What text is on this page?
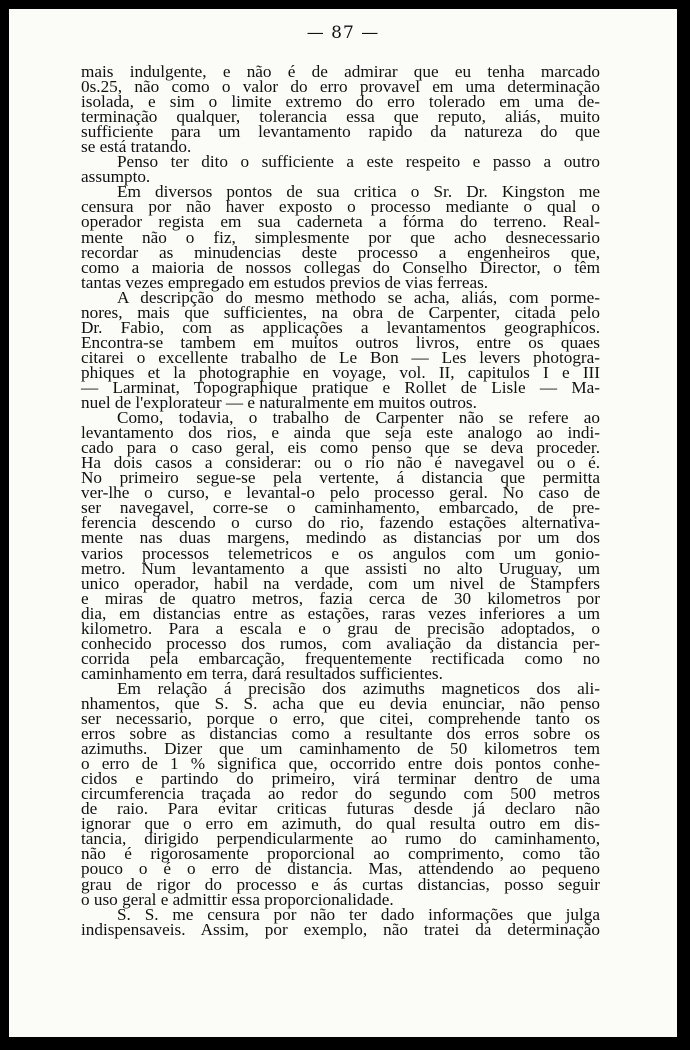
— 87 —
mais indulgente, e não é de admirar que eu tenha marcado
0s.25, não como o valor do erro provavel em uma determinação
isolada, e sim o limite extremo do erro tolerado em uma de-
terminação qualquer, tolerancia essa que reputo, aliás, muito
sufficiente para um levantamento rapido da natureza do que
se está tratando.
Penso ter dito o sufficiente a este respeito e passo a outro
assumpto.
Em diversos pontos de sua critica o Sr. Dr. Kingston me
censura por não haver exposto o processo mediante o qual o
operador regista em sua caderneta a fórma do terreno. Real-
mente não o fiz, simplesmente por que acho desnecessario
recordar as minudencias deste processo a engenheiros que,
como a maioria de nossos collegas do Conselho Director, o têm
tantas vezes empregado em estudos previos de vias ferreas.
A descripção do mesmo methodo se acha, aliás, com porme-
nores, mais que sufficientes, na obra de Carpenter, citada pelo
Dr. Fabio, com as applicações a levantamentos geographicos.
Encontra-se tambem em muitos outros livros, entre os quaes
citarei o excellente trabalho de Le Bon — Les levers photogra-
phiques et la photographie en voyage, vol. II, capitulos I e III
— Larminat, Topographique pratique e Rollet de Lisle — Ma-
nuel de l'explorateur — e naturalmente em muitos outros.
Como, todavia, o trabalho de Carpenter não se refere ao
levantamento dos rios, e ainda que seja este analogo ao indi-
cado para o caso geral, eis como penso que se deva proceder.
Ha dois casos a considerar: ou o rio não é navegavel ou o é.
No primeiro segue-se pela vertente, á distancia que permitta
ver-lhe o curso, e levantal-o pelo processo geral. No caso de
ser navegavel, corre-se o caminhamento, embarcado, de pre-
ferencia descendo o curso do rio, fazendo estações alternativa-
mente nas duas margens, medindo as distancias por um dos
varios processos telemetricos e os angulos com um gonio-
metro. Num levantamento a que assisti no alto Uruguay, um
unico operador, habil na verdade, com um nivel de Stampfers
e miras de quatro metros, fazia cerca de 30 kilometros por
dia, em distancias entre as estações, raras vezes inferiores a um
kilometro. Para a escala e o grau de precisão adoptados, o
conhecido processo dos rumos, com avaliação da distancia per-
corrida pela embarcação, frequentemente rectificada como no
caminhamento em terra, dará resultados sufficientes.
Em relação á precisão dos azimuths magneticos dos ali-
nhamentos, que S. S. acha que eu devia enunciar, não penso
ser necessario, porque o erro, que citei, comprehende tanto os
erros sobre as distancias como a resultante dos erros sobre os
azimuths. Dizer que um caminhamento de 50 kilometros tem
o erro de 1 % significa que, occorrido entre dois pontos conhe-
cidos e partindo do primeiro, virá terminar dentro de uma
circumferencia traçada ao redor do segundo com 500 metros
de raio. Para evitar criticas futuras desde já declaro não
ignorar que o erro em azimuth, do qual resulta outro em dis-
tancia, dirigido perpendicularmente ao rumo do caminhamento,
não é rigorosamente proporcional ao comprimento, como tão
pouco o é o erro de distancia. Mas, attendendo ao pequeno
grau de rigor do processo e ás curtas distancias, posso seguir
o uso geral e admittir essa proporcionalidade.
S. S. me censura por não ter dado informações que julga
indispensaveis. Assim, por exemplo, não tratei da determinação
